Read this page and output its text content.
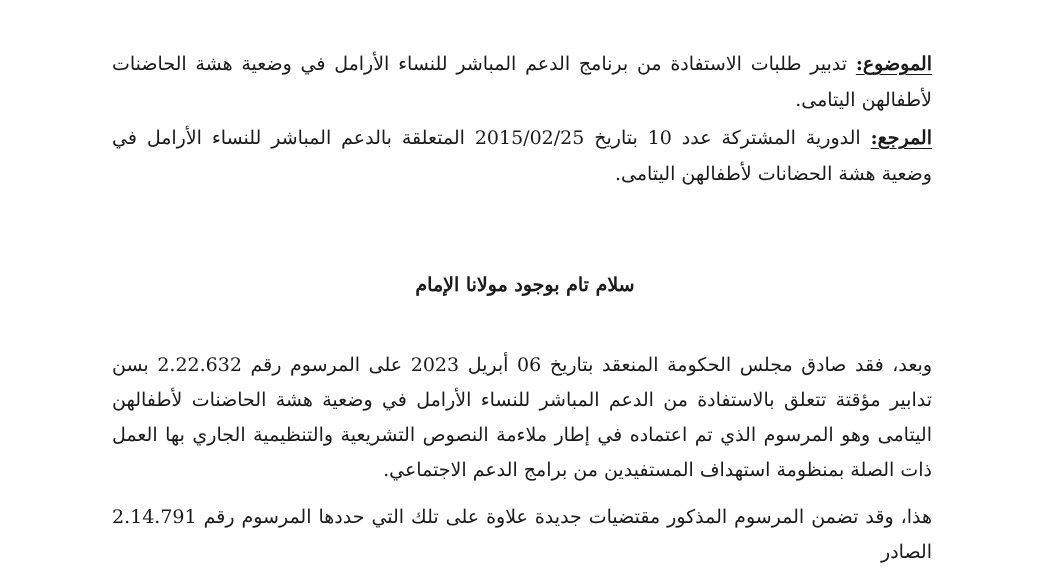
الموضوع: تدبير طلبات الاستفادة من برنامج الدعم المباشر للنساء الأرامل في وضعية هشة الحاضنات لأطفالهن اليتامى.
المرجع: الدورية المشتركة عدد 10 بتاريخ 2015/02/25 المتعلقة بالدعم المباشر للنساء الأرامل في وضعية هشة الحضانات لأطفالهن اليتامى.
سلام تام بوجود مولانا الإمام
وبعد، فقد صادق مجلس الحكومة المنعقد بتاريخ 06 أبريل 2023 على المرسوم رقم 2.22.632 بسن تدابير مؤقتة تتعلق بالاستفادة من الدعم المباشر للنساء الأرامل في وضعية هشة الحاضنات لأطفالهن اليتامى وهو المرسوم الذي تم اعتماده في إطار ملاءمة النصوص التشريعية والتنظيمية الجاري بها العمل ذات الصلة بمنظومة استهداف المستفيدين من برامج الدعم الاجتماعي.
هذا، وقد تضمن المرسوم المذكور مقتضيات جديدة علاوة على تلك التي حددها المرسوم رقم 2.14.791 الصادر
